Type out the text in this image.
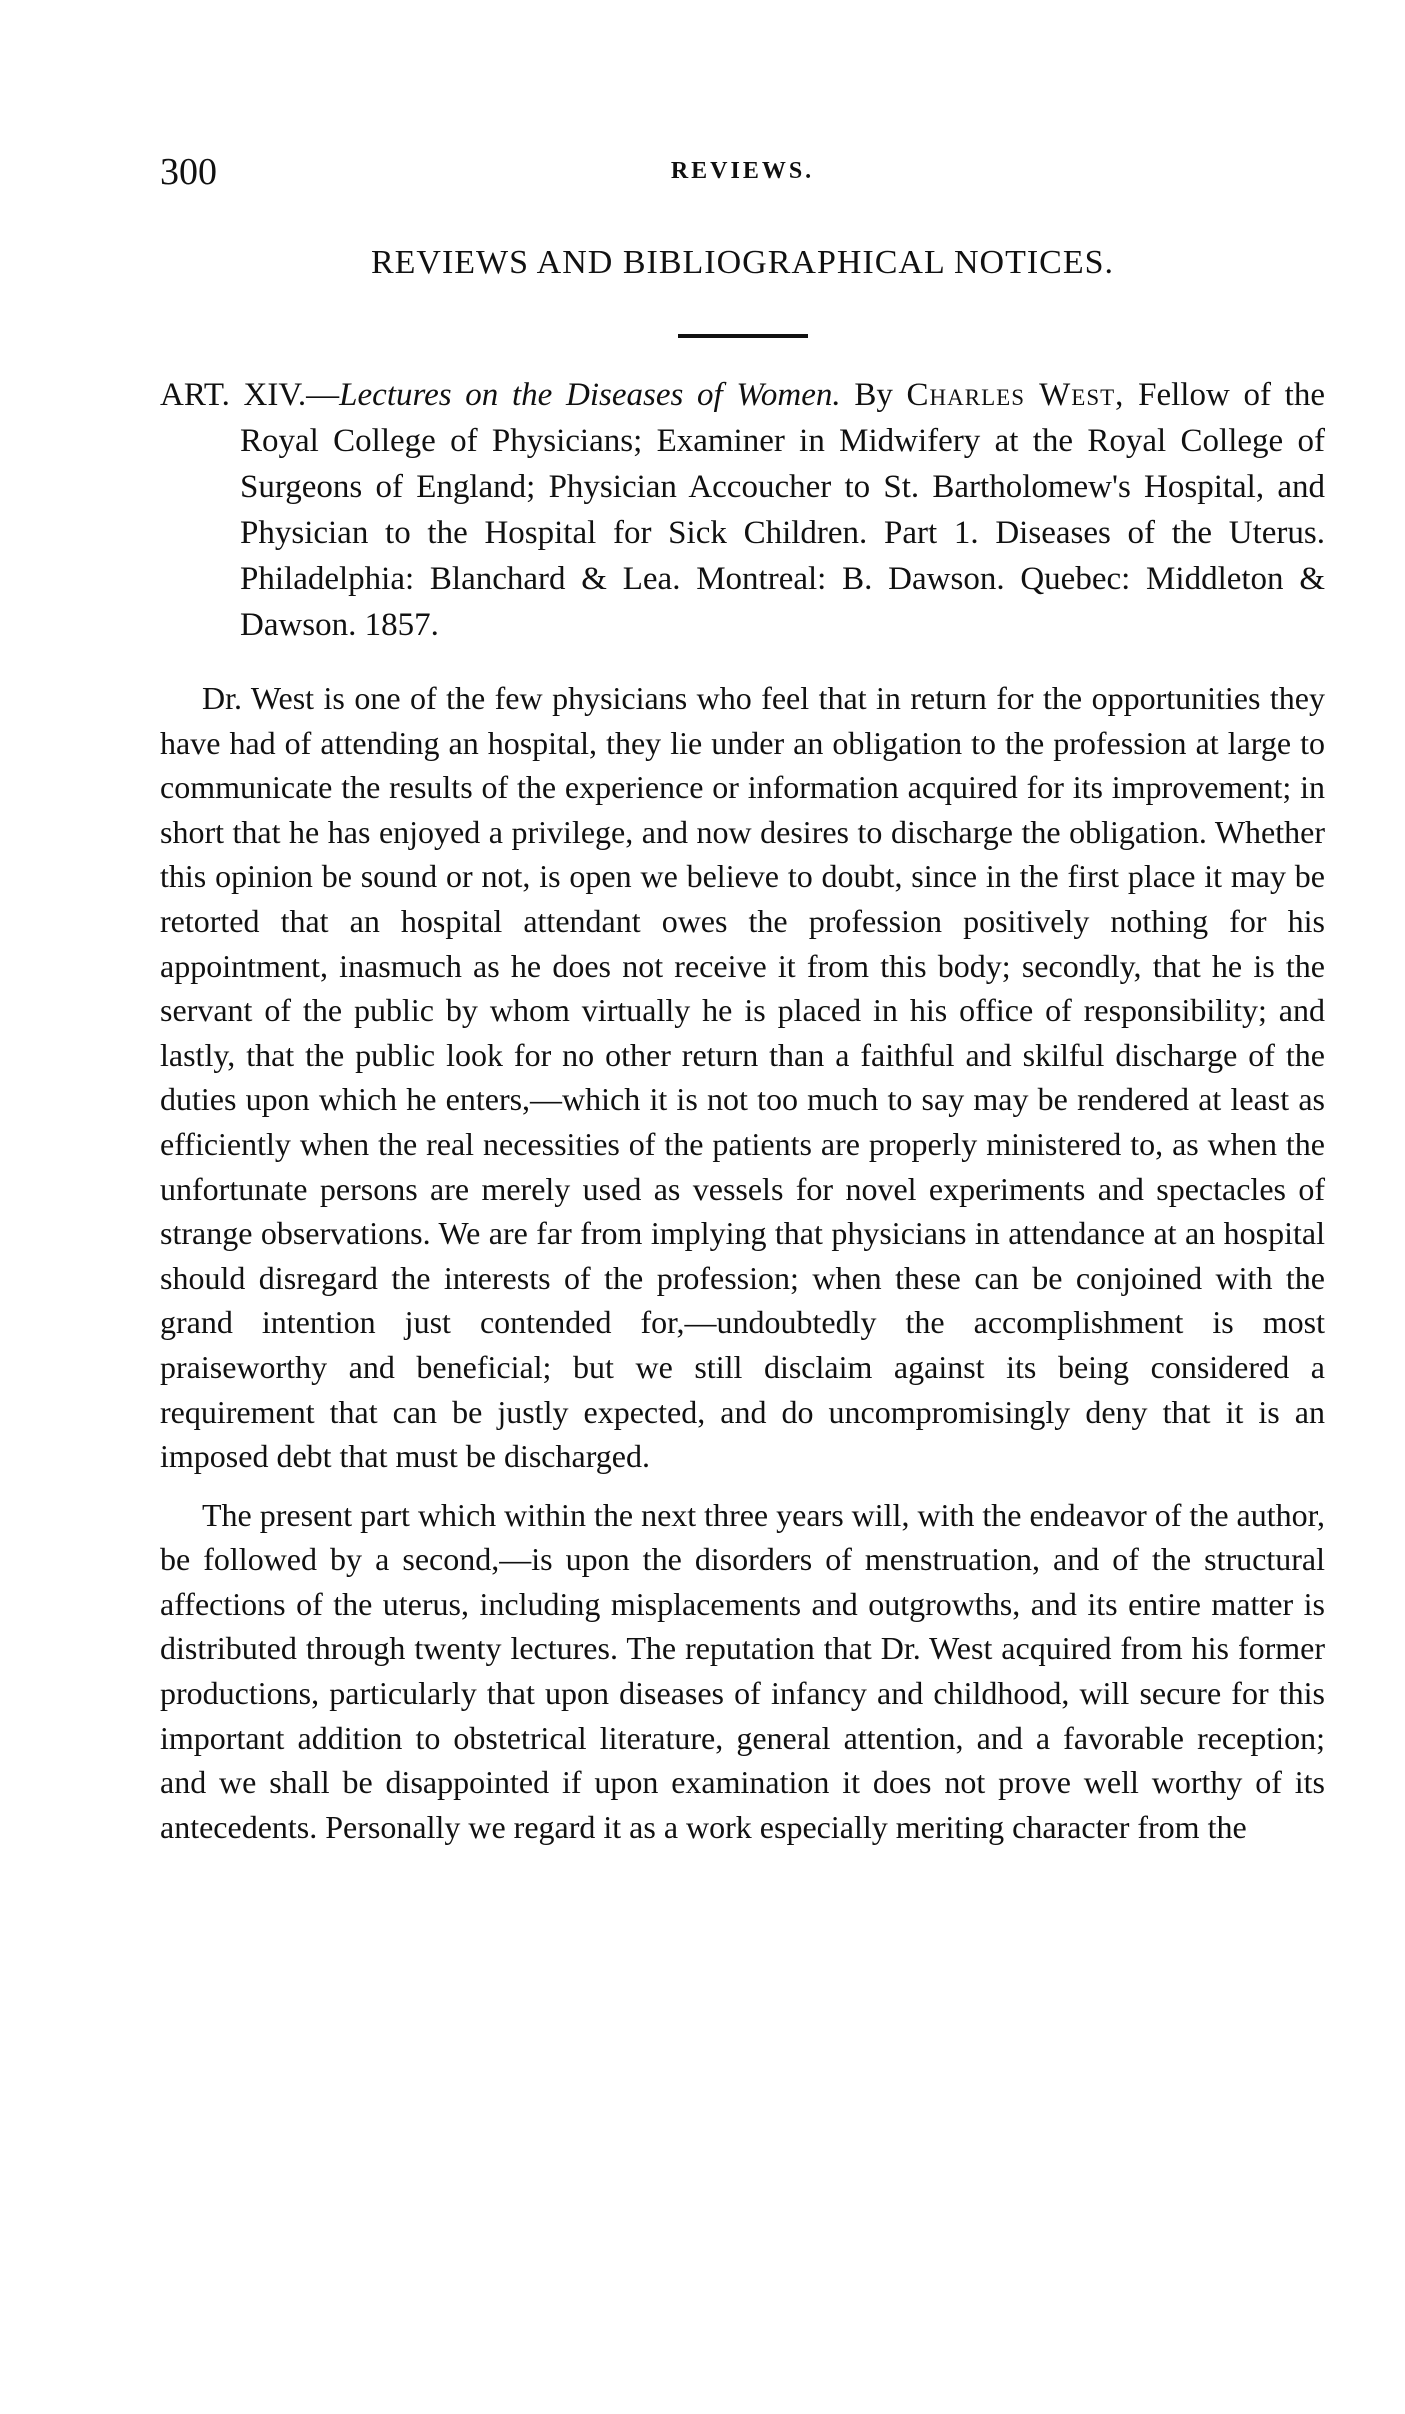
300	REVIEWS.
REVIEWS AND BIBLIOGRAPHICAL NOTICES.
ART. XIV.—Lectures on the Diseases of Women. By Charles West, Fellow of the Royal College of Physicians; Examiner in Midwifery at the Royal College of Surgeons of England; Physician Accoucher to St. Bartholomew's Hospital, and Physician to the Hospital for Sick Children. Part 1. Diseases of the Uterus. Philadelphia: Blanchard & Lea. Montreal: B. Dawson. Quebec: Middleton & Dawson. 1857.

Dr. West is one of the few physicians who feel that in return for the opportunities they have had of attending an hospital, they lie under an obligation to the profession at large to communicate the results of the experience or information acquired for its improvement; in short that he has enjoyed a privilege, and now desires to discharge the obligation. Whether this opinion be sound or not, is open we believe to doubt, since in the first place it may be retorted that an hospital attendant owes the profession positively nothing for his appointment, inasmuch as he does not receive it from this body; secondly, that he is the servant of the public by whom virtually he is placed in his office of responsibility; and lastly, that the public look for no other return than a faithful and skilful discharge of the duties upon which he enters,—which it is not too much to say may be rendered at least as efficiently when the real necessities of the patients are properly ministered to, as when the unfortunate persons are merely used as vessels for novel experiments and spectacles of strange observations. We are far from implying that physicians in attendance at an hospital should disregard the interests of the profession; when these can be conjoined with the grand intention just contended for,—undoubtedly the accomplishment is most praiseworthy and beneficial; but we still disclaim against its being considered a requirement that can be justly expected, and do uncompromisingly deny that it is an imposed debt that must be discharged.

The present part which within the next three years will, with the endeavor of the author, be followed by a second,—is upon the disorders of menstruation, and of the structural affections of the uterus, including misplacements and outgrowths, and its entire matter is distributed through twenty lectures. The reputation that Dr. West acquired from his former productions, particularly that upon diseases of infancy and childhood, will secure for this important addition to obstetrical literature, general attention, and a favorable reception; and we shall be disappointed if upon examination it does not prove well worthy of its antecedents. Personally we regard it as a work especially meriting character from the
